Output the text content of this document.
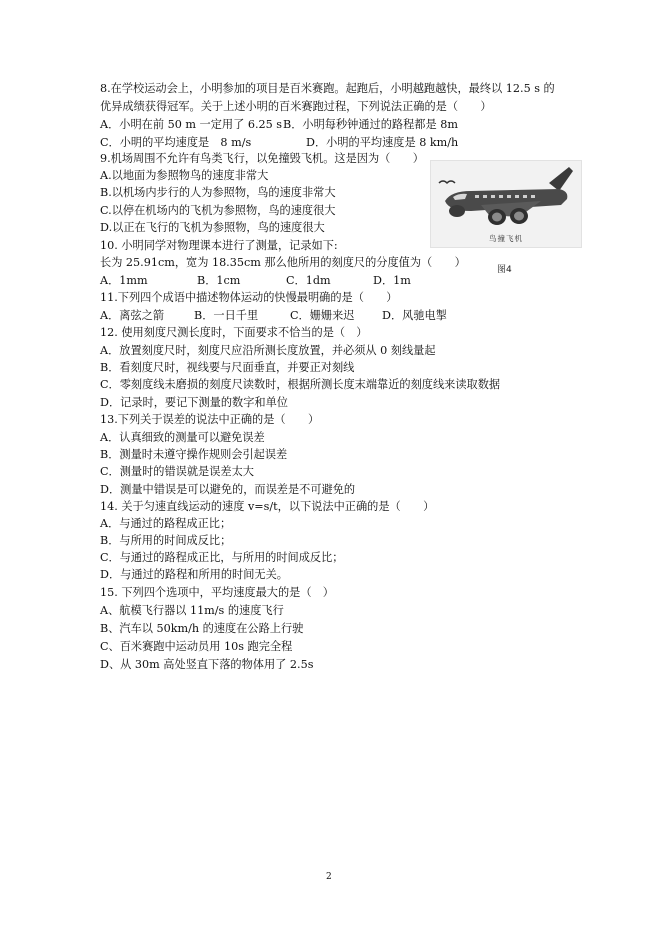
8.在学校运动会上，小明参加的项目是百米赛跑。起跑后，小明越跑越快，最终以 12.5 s 的

优异成绩获得冠军。关于上述小明的百米赛跑过程，下列说法正确的是（　　）

A．小明在前 50 m 一定用了 6.25 s B．小明每秒钟通过的路程都是 8m
C．小明的平均速度是　8 m/s	D．小明的平均速度是 8 km/h

9.机场周围不允许有鸟类飞行，以免撞毁飞机。这是因为（　　）

A.以地面为参照物鸟的速度非常大

B.以机场内步行的人为参照物，鸟的速度非常大

C.以停在机场内的飞机为参照物，鸟的速度很大

D.以正在飞行的飞机为参照物，鸟的速度很大

鸟撞飞机
图4

10. 小明同学对物理课本进行了测量，记录如下:

长为 25.91cm，宽为 18.35cm 那么他所用的刻度尺的分度值为（　　）

A．1mm	B．1cm	C．1dm	D．1m

11.下列四个成语中描述物体运动的快慢最明确的是（　　）

A．离弦之箭	B．一日千里	C．姗姗来迟 D．风驰电掣

12. 使用刻度尺测长度时，下面要求不恰当的是（　）

A．放置刻度尺时，刻度尺应沿所测长度放置，并必须从 0 刻线量起

B．看刻度尺时，视线要与尺面垂直，并要正对刻线

C．零刻度线未磨损的刻度尺读数时，根据所测长度末端靠近的刻度线来读取数据

D．记录时，要记下测量的数字和单位

13.下列关于误差的说法中正确的是（　　）

A．认真细致的测量可以避免误差

B．测量时未遵守操作规则会引起误差

C．测量时的错误就是误差太大

D．测量中错误是可以避免的，而误差是不可避免的

14. 关于匀速直线运动的速度 v=s/t，以下说法中正确的是（　　）

A．与通过的路程成正比；

B．与所用的时间成反比；

C．与通过的路程成正比，与所用的时间成反比；

D．与通过的路程和所用的时间无关。

15. 下列四个选项中，平均速度最大的是（　）

A、航模飞行器以 11m/s 的速度飞行

B、汽车以 50km/h 的速度在公路上行驶

C、百米赛跑中运动员用 10s 跑完全程

D、从 30m 高处竖直下落的物体用了 2.5s

2
